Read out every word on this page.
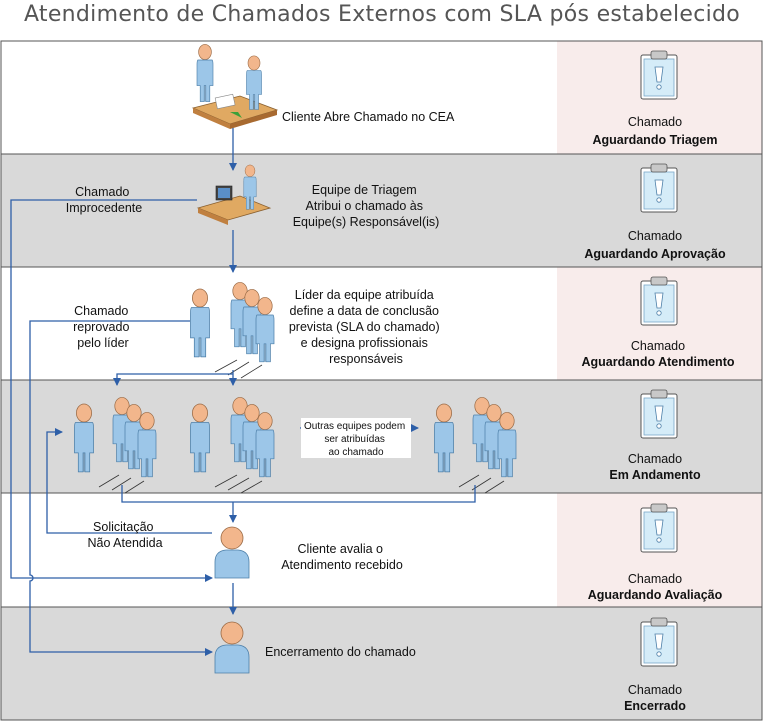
Atendimento de Chamados Externos com SLA pós estabelecido
Cliente Abre Chamado no CEA
Equipe de Triagem Atribui o chamado às Equipe(s) Responsável(is)
Chamado Improcedente
Líder da equipe atribuída define a data de conclusão prevista (SLA do chamado) e designa profissionais responsáveis
Chamado reprovado pelo líder
Outras equipes podem ser atribuídas ao chamado
Cliente avalia o Atendimento recebido
Solicitação Não Atendida
Encerramento do chamado
Chamado
Aguardando Triagem
Chamado
Aguardando Aprovação
Chamado
Aguardando Atendimento
Chamado
Em Andamento
Chamado
Aguardando Avaliação
Chamado
Encerrado
